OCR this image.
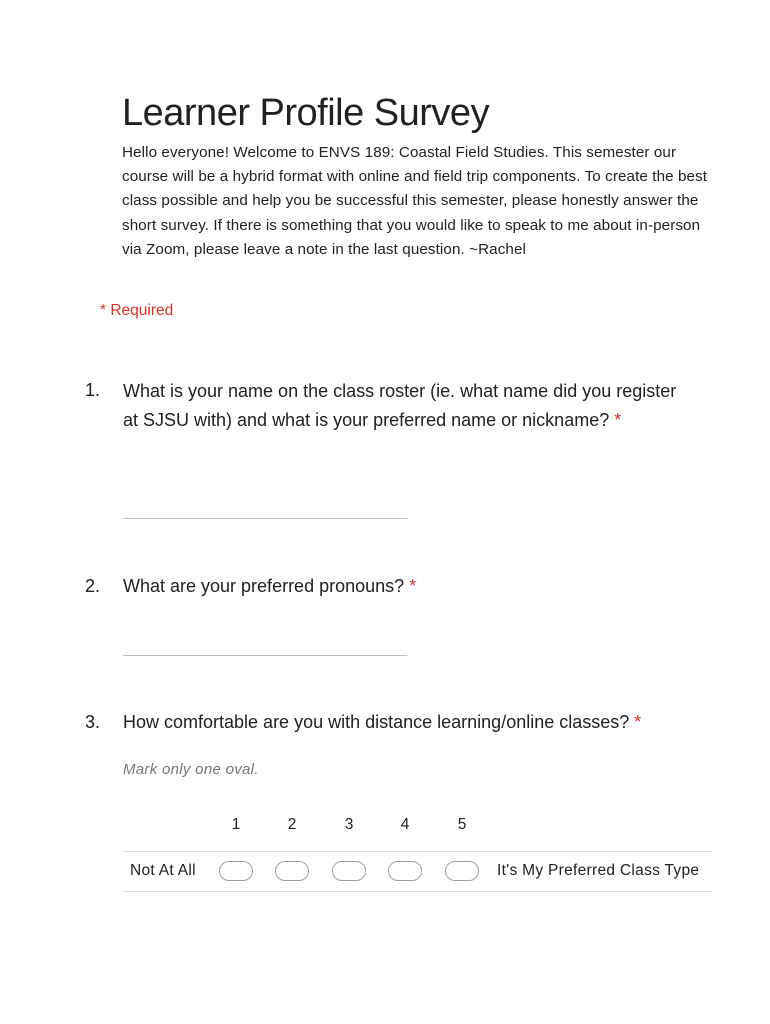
Learner Profile Survey

Hello everyone! Welcome to ENVS 189: Coastal Field Studies. This semester our course will be a hybrid format with online and field trip components. To create the best class possible and help you be successful this semester, please honestly answer the short survey. If there is something that you would like to speak to me about in-person via Zoom, please leave a note in the last question. ~Rachel

* Required
1. What is your name on the class roster (ie. what name did you register at SJSU with) and what is your preferred name or nickname? *

2. What are your preferred pronouns? *

3. How comfortable are you with distance learning/online classes? *

Mark only one oval.
1	2	3	4	5
Not At All	It's My Preferred Class Type
